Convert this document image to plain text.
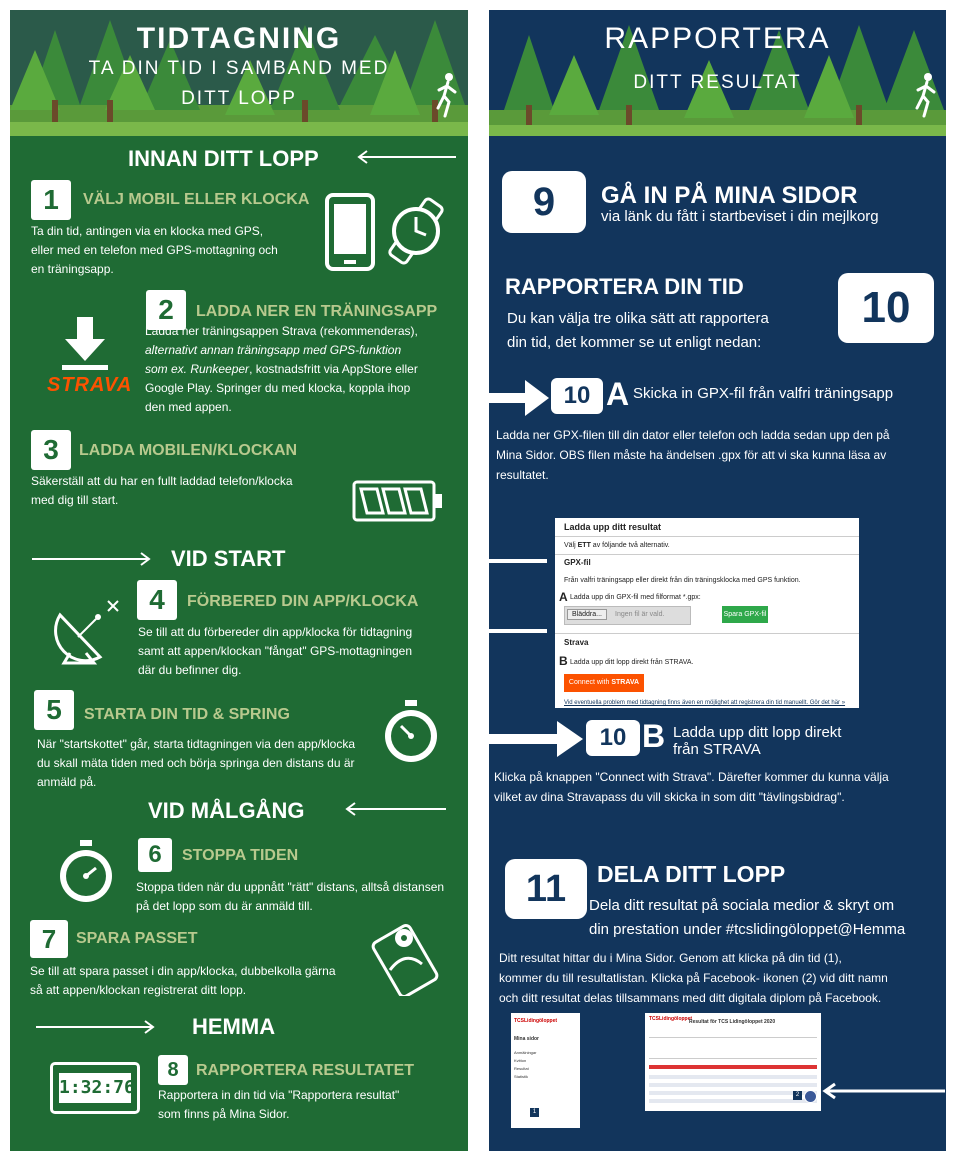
TIDTAGNING
TA DIN TID I SAMBAND MED
DITT LOPP
INNAN DITT LOPP
1	VÄLJ MOBIL ELLER KLOCKA
Ta din tid, antingen via en klocka med GPS,
eller med en telefon med GPS-mottagning och
en träningsapp.
2	LADDA NER EN TRÄNINGSAPP
Ladda ner träningsappen Strava (rekommenderas),
alternativt annan träningsapp med GPS-funktion
som ex. Runkeeper, kostnadsfritt via AppStore eller
Google Play. Springer du med klocka, koppla ihop
den med appen.
STRAVA
3	LADDA MOBILEN/KLOCKAN
Säkerställ att du har en fullt laddad telefon/klocka
med dig till start.
VID START
4	FÖRBERED DIN APP/KLOCKA
Se till att du förbereder din app/klocka för tidtagning
samt att appen/klockan "fångat" GPS-mottagningen
där du befinner dig.
5	STARTA DIN TID & SPRING
När "startskottet" går, starta tidtagningen via den app/klocka
du skall mäta tiden med och börja springa den distans du är
anmäld på.
VID MÅLGÅNG
6	STOPPA TIDEN
Stoppa tiden när du uppnått "rätt" distans, alltså distansen
på det lopp som du är anmäld till.
7	SPARA PASSET
Se till att spara passet i din app/klocka, dubbelkolla gärna
så att appen/klockan registrerat ditt lopp.
HEMMA
1:32:76
8	RAPPORTERA RESULTATET
Rapportera in din tid via "Rapportera resultat"
som finns på Mina Sidor.
RAPPORTERA
DITT RESULTAT
9	GÅ IN PÅ MINA SIDOR
via länk du fått i startbeviset i din mejlkorg
RAPPORTERA DIN TID
Du kan välja tre olika sätt att rapportera
din tid, det kommer se ut enligt nedan:
10
10 A Skicka in GPX-fil från valfri träningsapp
Ladda ner GPX-filen till din dator eller telefon och ladda sedan upp den på
Mina Sidor. OBS filen måste ha ändelsen .gpx för att vi ska kunna läsa av
resultatet.
Ladda upp ditt resultat
Välj ETT av följande två alternativ.
GPX-fil
Från valfri träningsapp eller direkt från din träningsklocka med GPS funktion.
A Ladda upp din GPX-fil med filformat *.gpx:
Bläddra...	Ingen fil är vald.	Spara GPX-fil
Strava
B Ladda upp ditt lopp direkt från STRAVA.
Connect with STRAVA
Vid eventuella problem med tidtagning finns även en möjlighet att registrera din tid manuellt. Gör det här »
10 B Ladda upp ditt lopp direkt
från STRAVA
Klicka på knappen "Connect with Strava". Därefter kommer du kunna välja
vilket av dina Stravapass du vill skicka in som ditt "tävlingsbidrag".
11	DELA DITT LOPP
Dela ditt resultat på sociala medior & skryt om
din prestation under #tcslidingöloppet@Hemma
Ditt resultat hittar du i Mina Sidor. Genom att klicka på din tid (1),
kommer du till resultatlistan. Klicka på Facebook- ikonen (2) vid ditt namn
och ditt resultat delas tillsammans med ditt digitala diplom på Facebook.
TCSLidingöloppet
Mina sidor
Anmälningar
Kvitton
Resultat
Statistik
1
TCSLidingöloppet
Resultat för TCS Lidingöloppet 2020
2
